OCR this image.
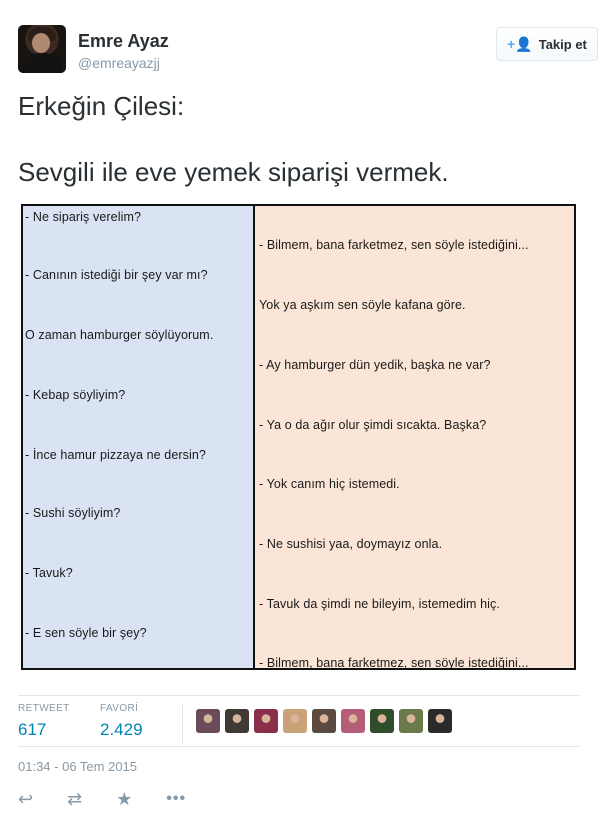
Emre Ayaz
@emreayazjj
+👤 Takip et

Erkeğin Çilesi:

Sevgili ile eve yemek siparişi vermek.

- Ne sipariş verelim?
- Canının istediği bir şey var mı?
O zaman hamburger söylüyorum.
- Kebap söyliyim?
- İnce hamur pizzaya ne dersin?
- Sushi söyliyim?
- Tavuk?
- E sen söyle bir şey?
- Bilmem, bana farketmez, sen söyle istediğini...
Yok ya aşkım sen söyle kafana göre.
- Ay hamburger dün yedik, başka ne var?
- Ya o da ağır olur şimdi sıcakta. Başka?
- Yok canım hiç istemedi.
- Ne sushisi yaa, doymayız onla.
- Tavuk da şimdi ne bileyim, istemedim hiç.
- Bilmem, bana farketmez, sen söyle istediğini...
RETWEET
617
FAVORİ
2.429
01:34 - 06 Tem 2015
↩ ⇄ ★ •••
